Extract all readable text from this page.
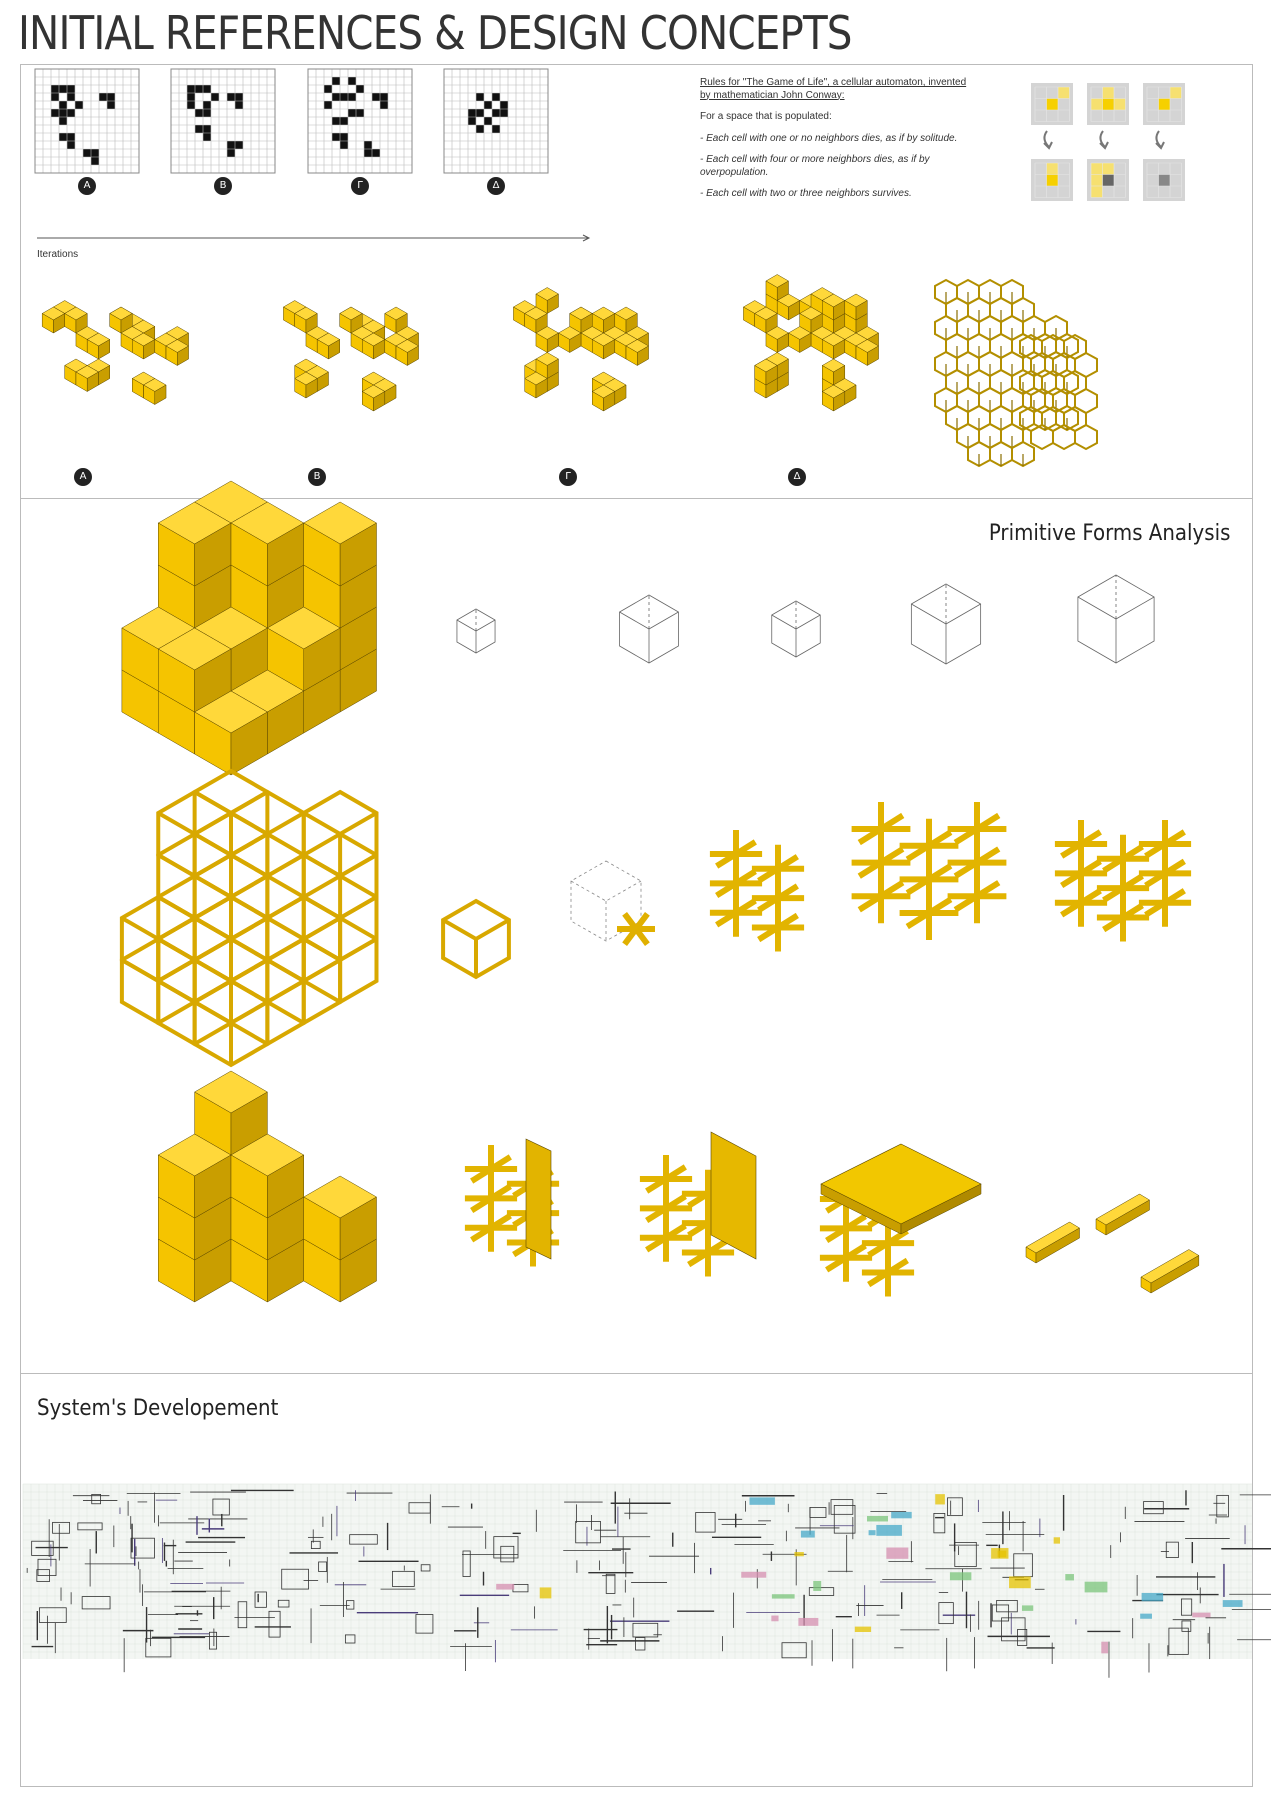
INITIAL REFERENCES & DESIGN CONCEPTS
Α	Β	Γ	Δ
Iterations

Rules for "The Game of Life", a cellular automaton, invented by mathematician John Conway:

For a space that is populated:

- Each cell with one or no neighbors dies, as if by solitude.

- Each cell with four or more neighbors dies, as if by overpopulation.

- Each cell with two or three neighbors survives.

Α	Β	Γ	Δ
Primitive Forms Analysis
System's Developement
